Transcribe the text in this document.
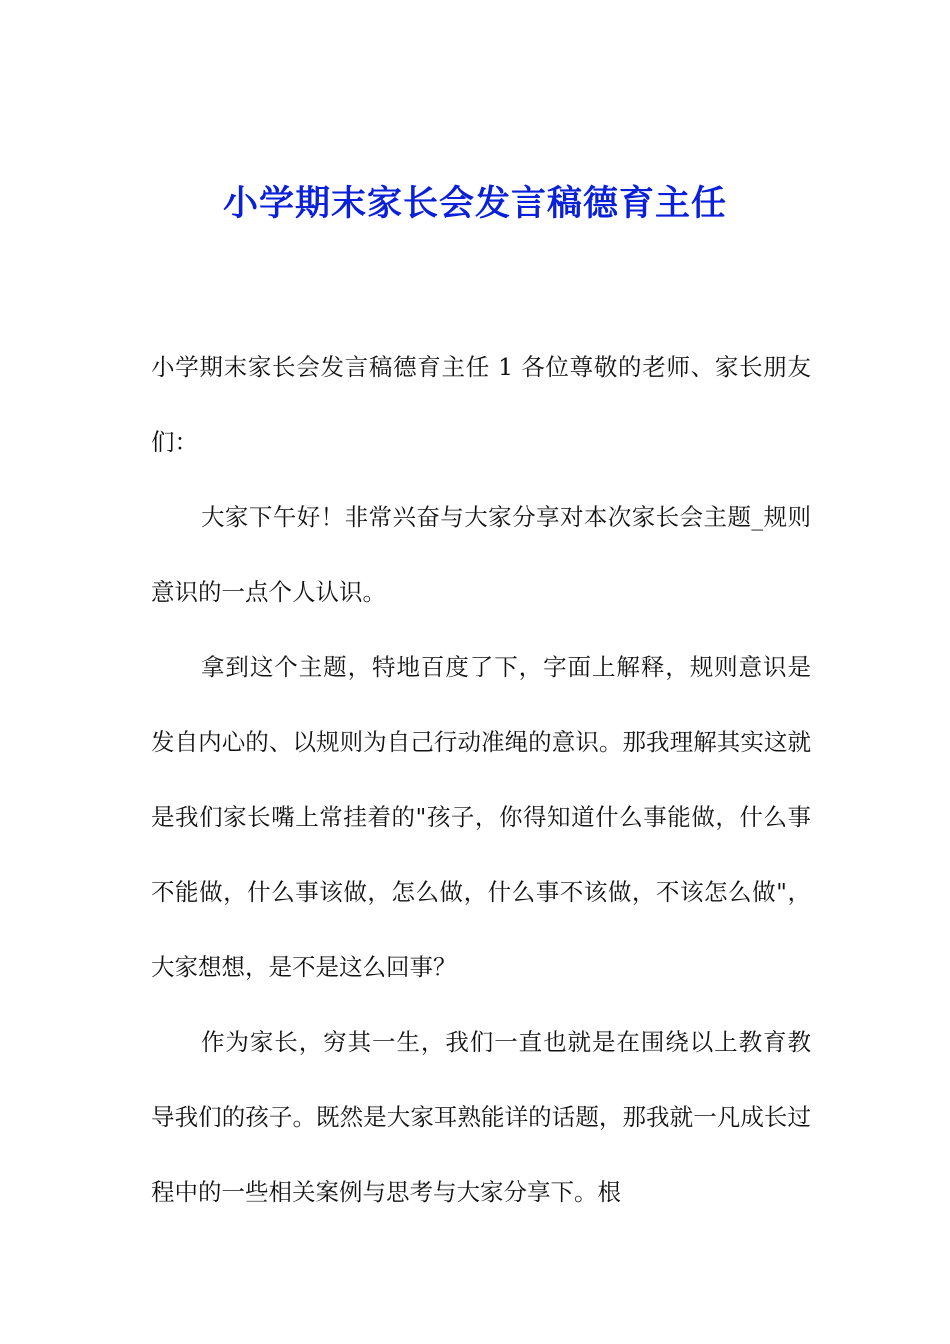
小学期末家长会发言稿德育主任

小学期末家长会发言稿德育主任 1 各位尊敬的老师、家长朋友们：

大家下午好！非常兴奋与大家分享对本次家长会主题_规则意识的一点个人认识。

拿到这个主题，特地百度了下，字面上解释，规则意识是发自内心的、以规则为自己行动准绳的意识。那我理解其实这就是我们家长嘴上常挂着的"孩子，你得知道什么事能做，什么事不能做，什么事该做，怎么做，什么事不该做，不该怎么做"，大家想想，是不是这么回事？

作为家长，穷其一生，我们一直也就是在围绕以上教育教导我们的孩子。既然是大家耳熟能详的话题，那我就一凡成长过程中的一些相关案例与思考与大家分享下。根
